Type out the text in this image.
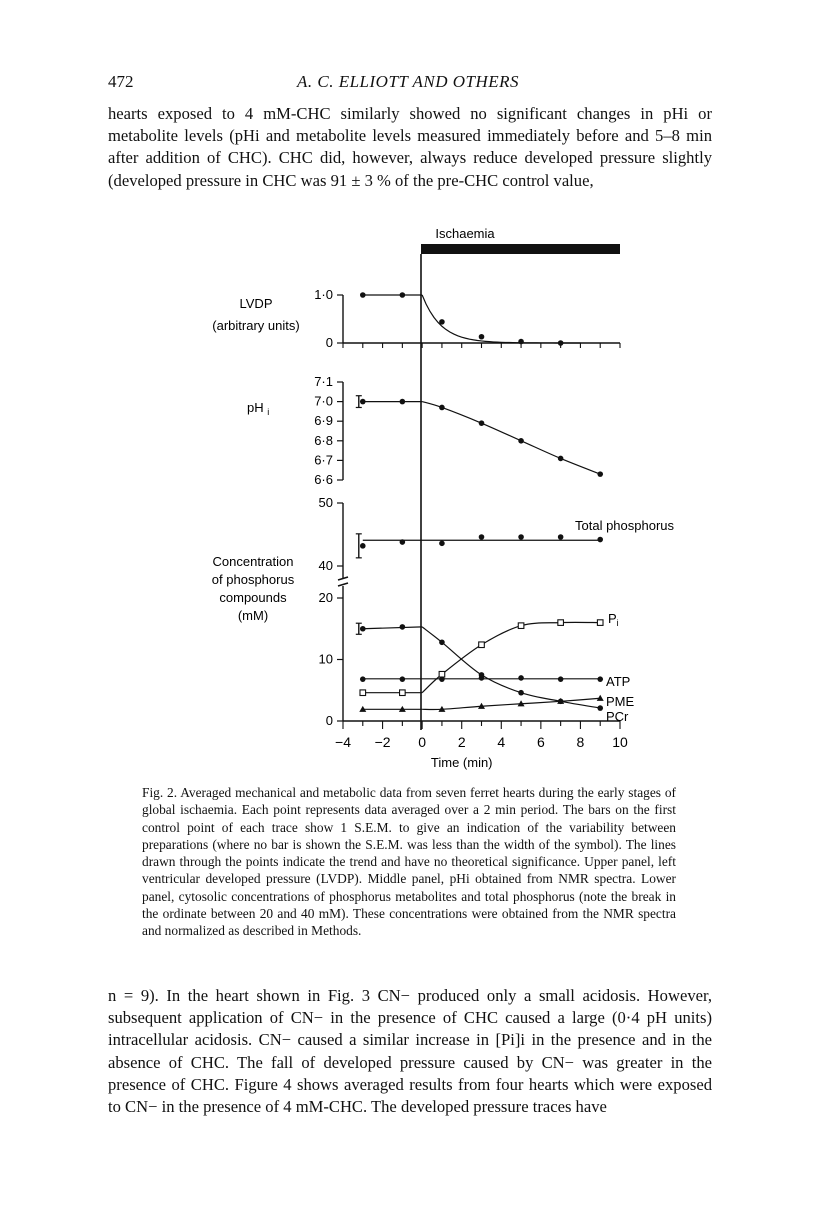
472	A. C. ELLIOTT AND OTHERS

hearts exposed to 4 mM-CHC similarly showed no significant changes in pHi or metabolite levels (pHi and metabolite levels measured immediately before and 5–8 min after addition of CHC). CHC did, however, always reduce developed pressure slightly (developed pressure in CHC was 91 ± 3 % of the pre-CHC control value,

Ischaemia
LVDP
(arbitrary units)
pH $_i$
Concentration
of phosphorus
compounds
(mM)
1·0
0
7·1
7·0
6·9
6·8
6·7
6·6
50
40
20
10
0
−4 −2 0 2 4 6 8 10
Time (min)
Total phosphorus
$P_i$
ATP
PME
PCr

Fig. 2. Averaged mechanical and metabolic data from seven ferret hearts during the early stages of global ischaemia. Each point represents data averaged over a 2 min period. The bars on the first control point of each trace show 1 S.E.M. to give an indication of the variability between preparations (where no bar is shown the S.E.M. was less than the width of the symbol). The lines drawn through the points indicate the trend and have no theoretical significance. Upper panel, left ventricular developed pressure (LVDP). Middle panel, pHi obtained from NMR spectra. Lower panel, cytosolic concentrations of phosphorus metabolites and total phosphorus (note the break in the ordinate between 20 and 40 mM). These concentrations were obtained from the NMR spectra and normalized as described in Methods.

n = 9). In the heart shown in Fig. 3 CN− produced only a small acidosis. However, subsequent application of CN− in the presence of CHC caused a large (0·4 pH units) intracellular acidosis. CN− caused a similar increase in [Pi]i in the presence and in the absence of CHC. The fall of developed pressure caused by CN− was greater in the presence of CHC. Figure 4 shows averaged results from four hearts which were exposed to CN− in the presence of 4 mM-CHC. The developed pressure traces have
